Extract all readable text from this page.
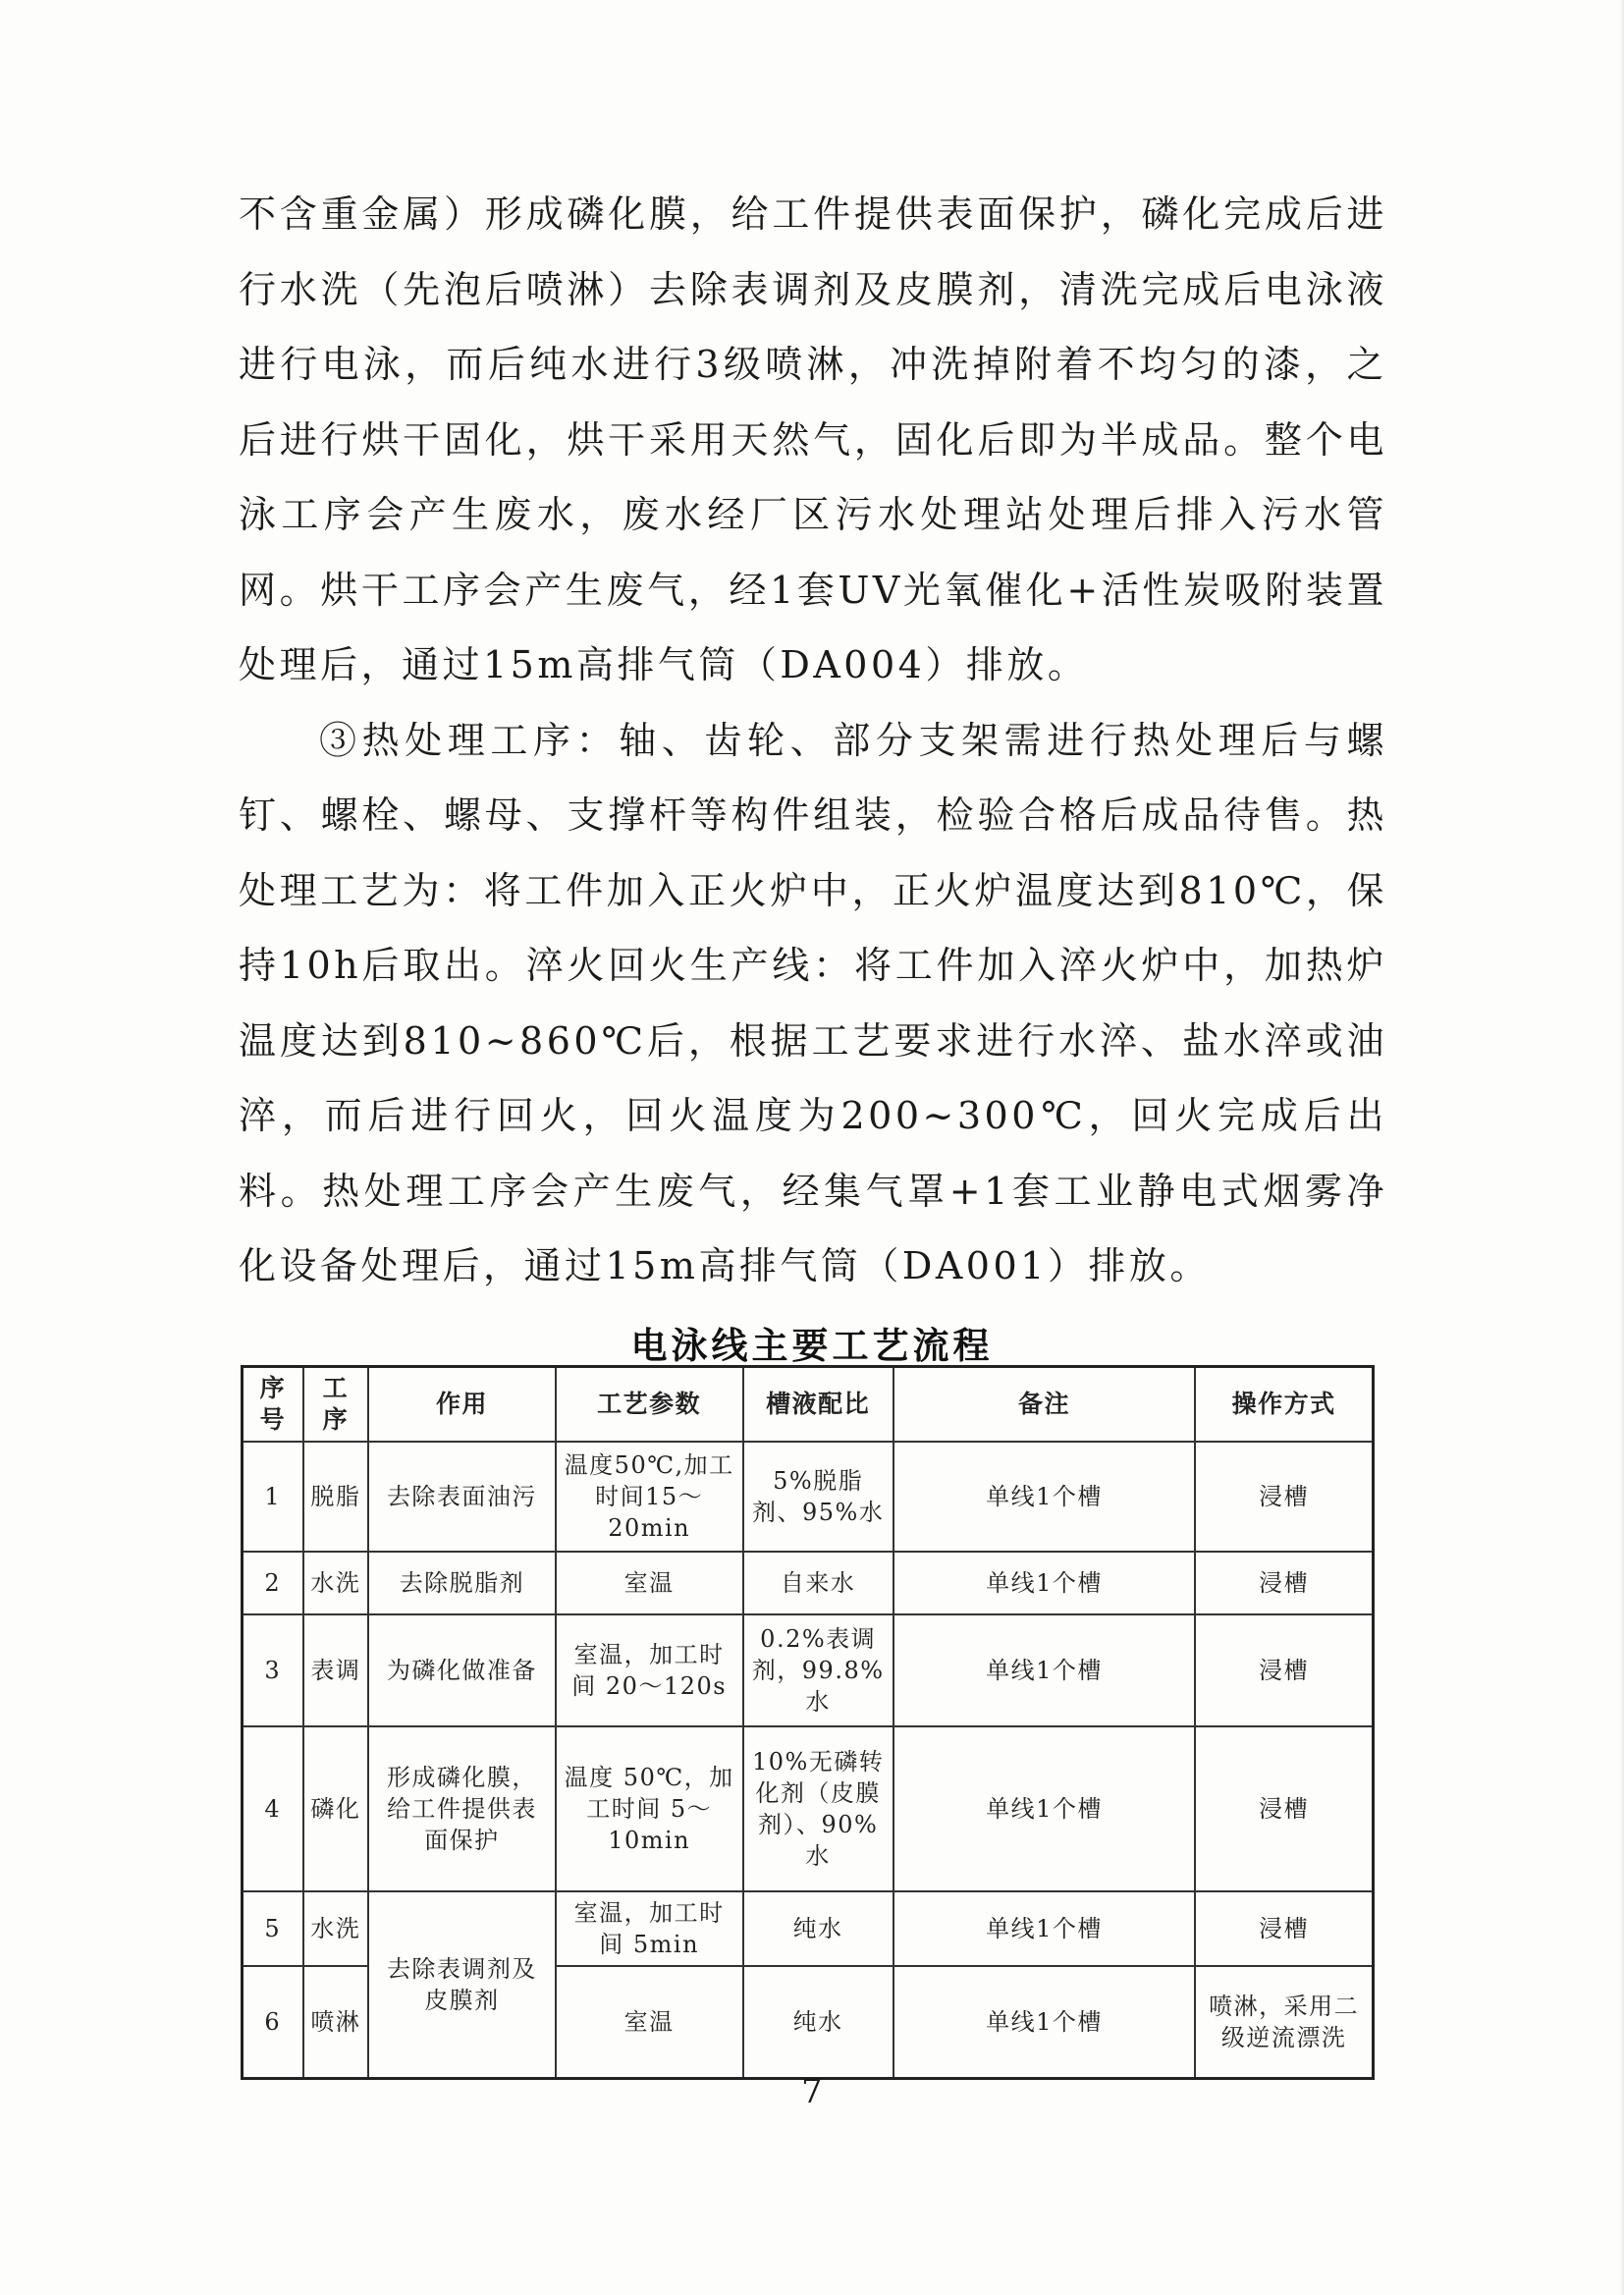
不含重金属）形成磷化膜，给工件提供表面保护，磷化完成后进行水洗（先泡后喷淋）去除表调剂及皮膜剂，清洗完成后电泳液进行电泳，而后纯水进行3级喷淋，冲洗掉附着不均匀的漆，之后进行烘干固化，烘干采用天然气，固化后即为半成品。整个电泳工序会产生废水，废水经厂区污水处理站处理后排入污水管网。烘干工序会产生废气，经1套UV光氧催化+活性炭吸附装置处理后，通过15m高排气筒（DA004）排放。

③热处理工序：轴、齿轮、部分支架需进行热处理后与螺钉、螺栓、螺母、支撑杆等构件组装，检验合格后成品待售。热处理工艺为：将工件加入正火炉中，正火炉温度达到810℃，保持10h后取出。淬火回火生产线：将工件加入淬火炉中，加热炉温度达到810~860℃后，根据工艺要求进行水淬、盐水淬或油淬，而后进行回火，回火温度为200~300℃，回火完成后出料。热处理工序会产生废气，经集气罩+1套工业静电式烟雾净化设备处理后，通过15m高排气筒（DA001）排放。

电泳线主要工艺流程
序号	工序	作用	工艺参数	槽液配比	备注	操作方式
1	脱脂	去除表面油污	温度50℃,加工时间15～20min	5%脱脂剂、95%水	单线1个槽	浸槽
2	水洗	去除脱脂剂	室温	自来水	单线1个槽	浸槽
3	表调	为磷化做准备	室温，加工时间 20～120s	0.2%表调剂，99.8%水	单线1个槽	浸槽
4	磷化	形成磷化膜，给工件提供表面保护	温度 50℃，加工时间 5～10min	10%无磷转化剂（皮膜剂）、90%水	单线1个槽	浸槽
5	水洗	去除表调剂及皮膜剂	室温，加工时间 5min	纯水	单线1个槽	浸槽
6	喷淋		室温	纯水	单线1个槽	喷淋，采用二级逆流漂洗
7
